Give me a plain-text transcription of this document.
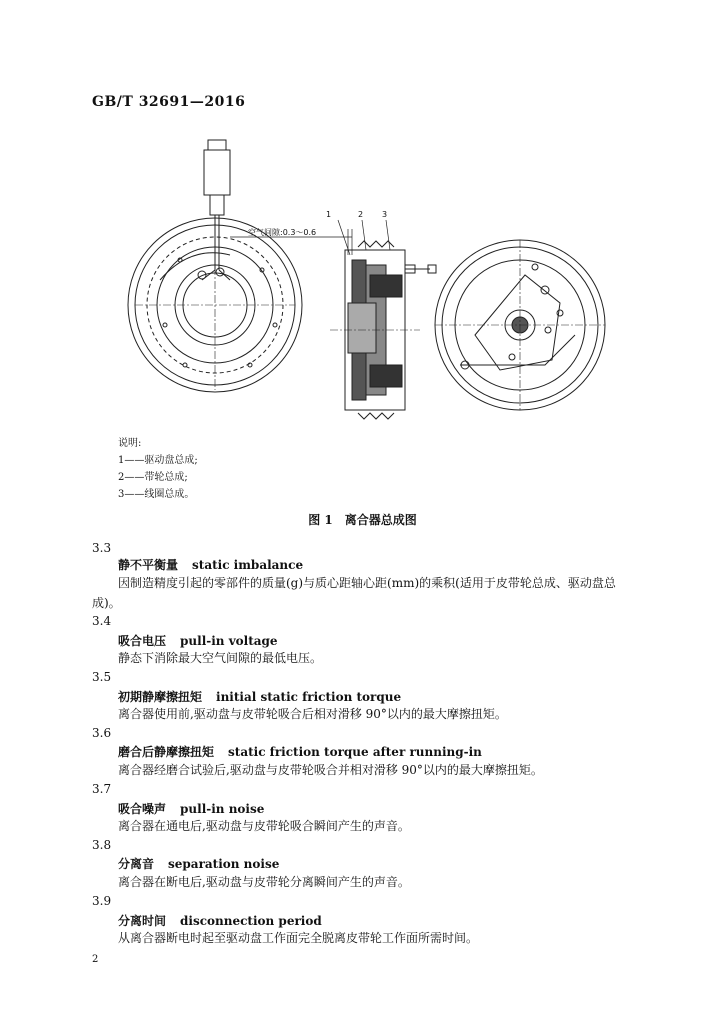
GB/T 32691—2016
空气间隙:0.3～0.6
1	2 3
说明:
1——驱动盘总成;
2——带轮总成;
3——线圈总成。
图 1　离合器总成图
3.3
静不平衡量 static imbalance
因制造精度引起的零部件的质量(g)与质心距轴心距(mm)的乘积(适用于皮带轮总成、驱动盘总
成)。
3.4
吸合电压 pull-in voltage
静态下消除最大空气间隙的最低电压。
3.5
初期静摩擦扭矩 initial static friction torque
离合器使用前,驱动盘与皮带轮吸合后相对滑移 90°以内的最大摩擦扭矩。
3.6
磨合后静摩擦扭矩 static friction torque after running-in
离合器经磨合试验后,驱动盘与皮带轮吸合并相对滑移 90°以内的最大摩擦扭矩。
3.7
吸合噪声 pull-in noise
离合器在通电后,驱动盘与皮带轮吸合瞬间产生的声音。
3.8
分离音 separation noise
离合器在断电后,驱动盘与皮带轮分离瞬间产生的声音。
3.9
分离时间 disconnection period
从离合器断电时起至驱动盘工作面完全脱离皮带轮工作面所需时间。
2
